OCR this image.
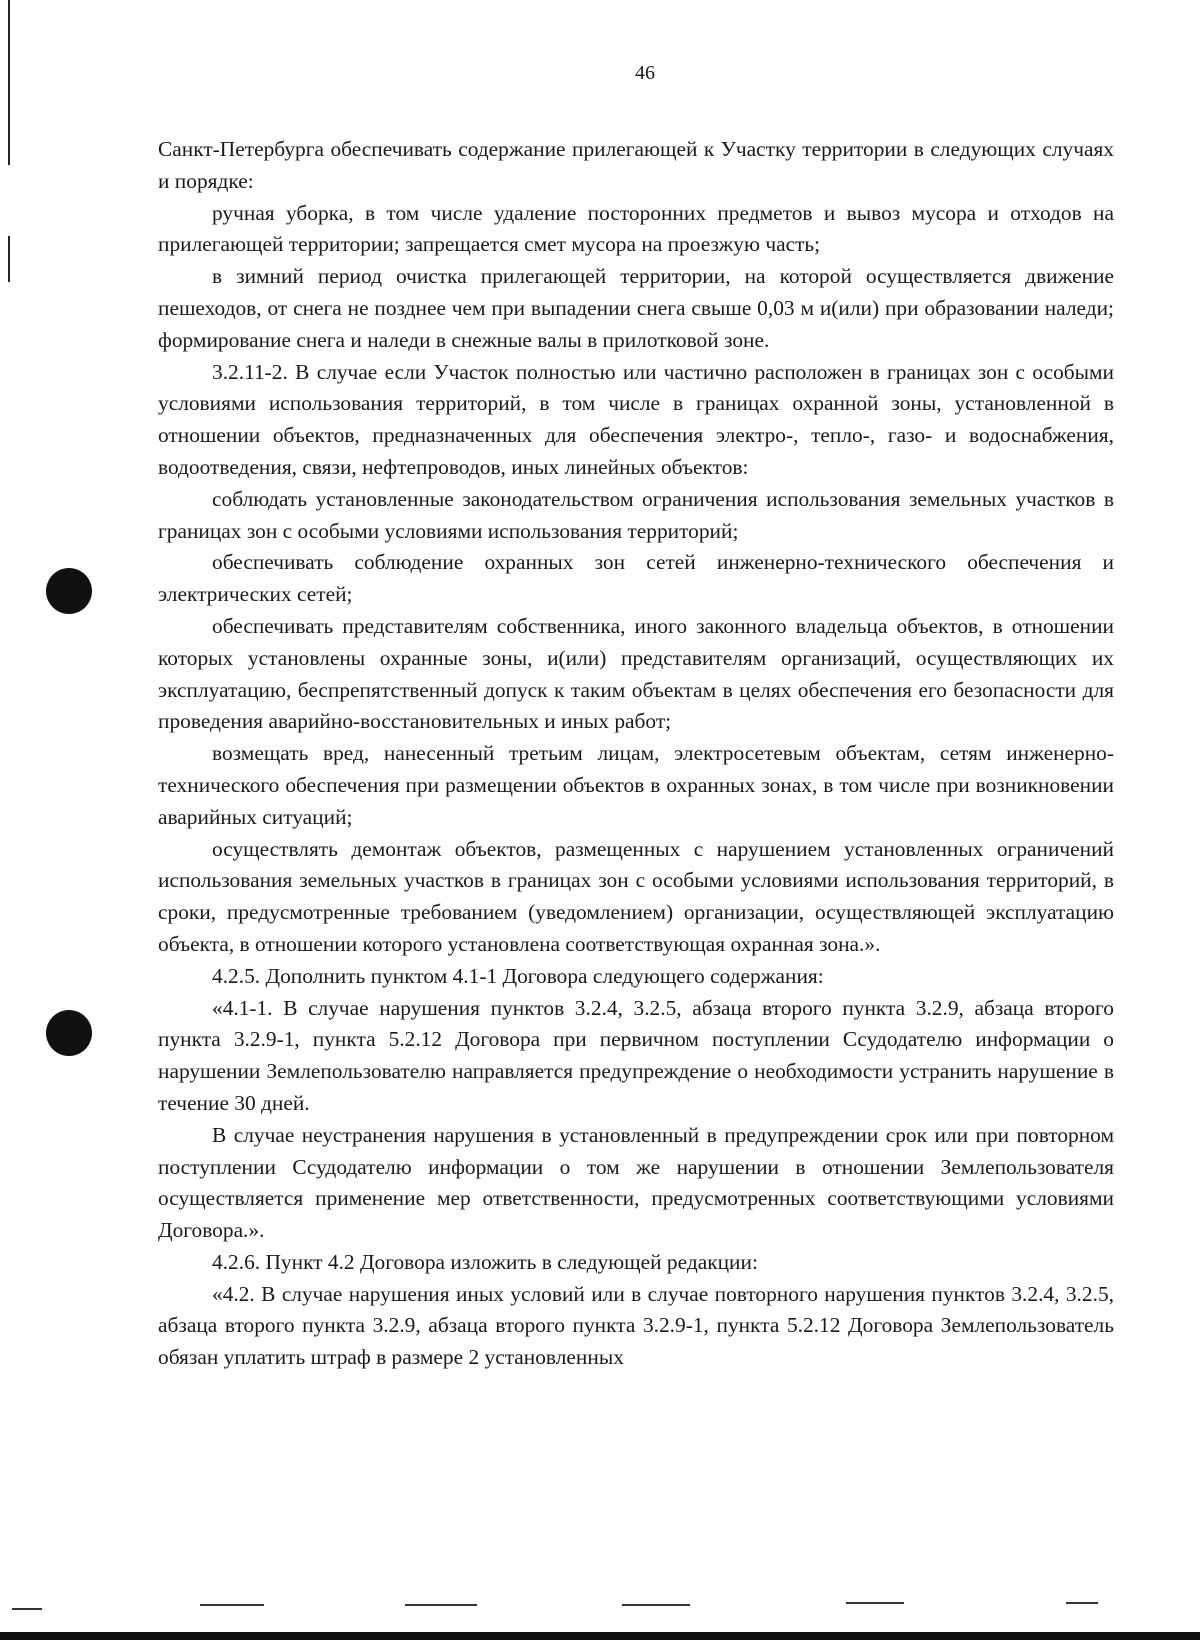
46

Санкт-Петербурга обеспечивать содержание прилегающей к Участку территории в следующих случаях и порядке:

ручная уборка, в том числе удаление посторонних предметов и вывоз мусора и отходов на прилегающей территории; запрещается смет мусора на проезжую часть;

в зимний период очистка прилегающей территории, на которой осуществляется движение пешеходов, от снега не позднее чем при выпадении снега свыше 0,03 м и(или) при образовании наледи; формирование снега и наледи в снежные валы в прилотковой зоне.

3.2.11-2. В случае если Участок полностью или частично расположен в границах зон с особыми условиями использования территорий, в том числе в границах охранной зоны, установленной в отношении объектов, предназначенных для обеспечения электро-, тепло-, газо- и водоснабжения, водоотведения, связи, нефтепроводов, иных линейных объектов:

соблюдать установленные законодательством ограничения использования земельных участков в границах зон с особыми условиями использования территорий;

обеспечивать соблюдение охранных зон сетей инженерно-технического обеспечения и электрических сетей;

обеспечивать представителям собственника, иного законного владельца объектов, в отношении которых установлены охранные зоны, и(или) представителям организаций, осуществляющих их эксплуатацию, беспрепятственный допуск к таким объектам в целях обеспечения его безопасности для проведения аварийно-восстановительных и иных работ;

возмещать вред, нанесенный третьим лицам, электросетевым объектам, сетям инженерно-технического обеспечения при размещении объектов в охранных зонах, в том числе при возникновении аварийных ситуаций;

осуществлять демонтаж объектов, размещенных с нарушением установленных ограничений использования земельных участков в границах зон с особыми условиями использования территорий, в сроки, предусмотренные требованием (уведомлением) организации, осуществляющей эксплуатацию объекта, в отношении которого установлена соответствующая охранная зона.».

4.2.5. Дополнить пунктом 4.1-1 Договора следующего содержания:

«4.1-1. В случае нарушения пунктов 3.2.4, 3.2.5, абзаца второго пункта 3.2.9, абзаца второго пункта 3.2.9-1, пункта 5.2.12 Договора при первичном поступлении Ссудодателю информации о нарушении Землепользователю направляется предупреждение о необходимости устранить нарушение в течение 30 дней.

В случае неустранения нарушения в установленный в предупреждении срок или при повторном поступлении Ссудодателю информации о том же нарушении в отношении Землепользователя осуществляется применение мер ответственности, предусмотренных соответствующими условиями Договора.».

4.2.6. Пункт 4.2 Договора изложить в следующей редакции:

«4.2. В случае нарушения иных условий или в случае повторного нарушения пунктов 3.2.4, 3.2.5, абзаца второго пункта 3.2.9, абзаца второго пункта 3.2.9-1, пункта 5.2.12 Договора Землепользователь обязан уплатить штраф в размере 2 установленных
